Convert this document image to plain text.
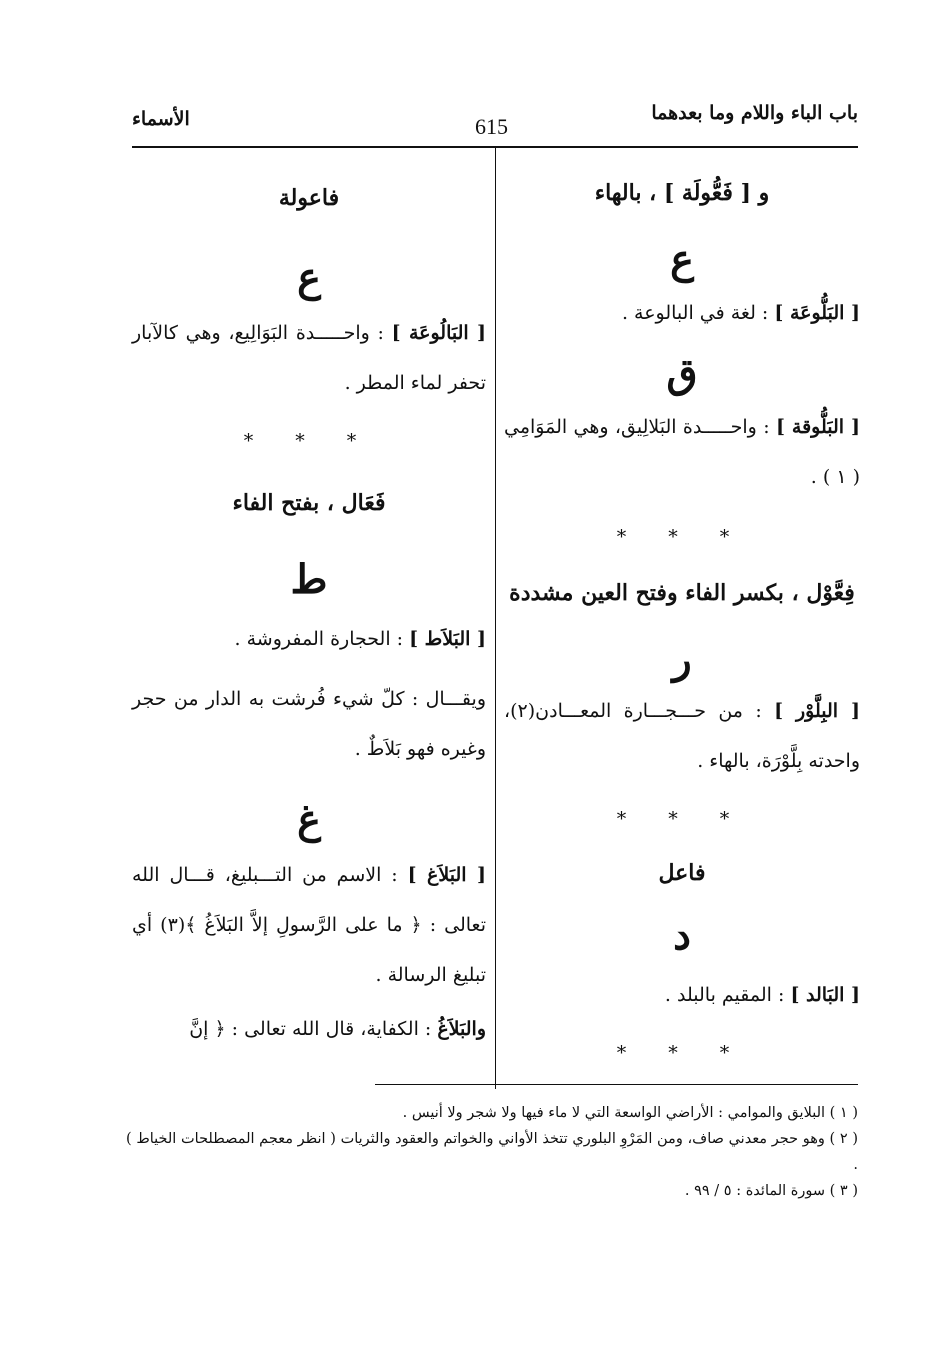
باب الباء واللام وما بعدهما
615
الأسماء
و [ فَعُّولَة ] ، بالهاء
ع
[ البَلُّوعَة ] : لغة في البالوعة .
ق
[ البَلُّوقة ] : واحـــــدة البَلالِيق، وهي المَوَامِي ( ١ ) .
* * *
فِعَّوْل ، بكسر الفاء وفتح العين مشددة
ر
[ البِلَّوْر ] : من حـــجـــارة المعـــادن(٢)، واحدته بِلَّوْرَة، بالهاء .
* * *
فاعل
د
[ البَالد ] : المقيم بالبلد .
* * *
فاعولة
ع
[ البَالُوعَة ] : واحـــــدة البَوَالِيع، وهي كالآبار تحفر لماء المطر .
* * *
فَعَال ، بفتح الفاء
ط
[ البَلاَط ] : الحجارة المفروشة .
ويقـــال : كلّ شيء فُرشت به الدار من حجر وغيره فهو بَلاَطٌ .
غ
[ البَلاَغ ] : الاسم من التـــبليغ، قـــال الله تعالى : ﴿ ما على الرَّسولِ إلاَّ البَلاَغُ ﴾(٣) أي تبليغ الرسالة .
والبَلاَغُ : الكفاية، قال الله تعالى : ﴿ إنَّ

( ١ ) البلايق والموامي : الأراضي الواسعة التي لا ماء فيها ولا شجر ولا أنيس .

( ٢ ) وهو حجر معدني صاف، ومن المَرْوِ البلوري تتخذ الأواني والخواتم والعقود والثريات ( انظر معجم المصطلحات الخياط ) .

( ٣ ) سورة المائدة : ٥ / ٩٩ .
